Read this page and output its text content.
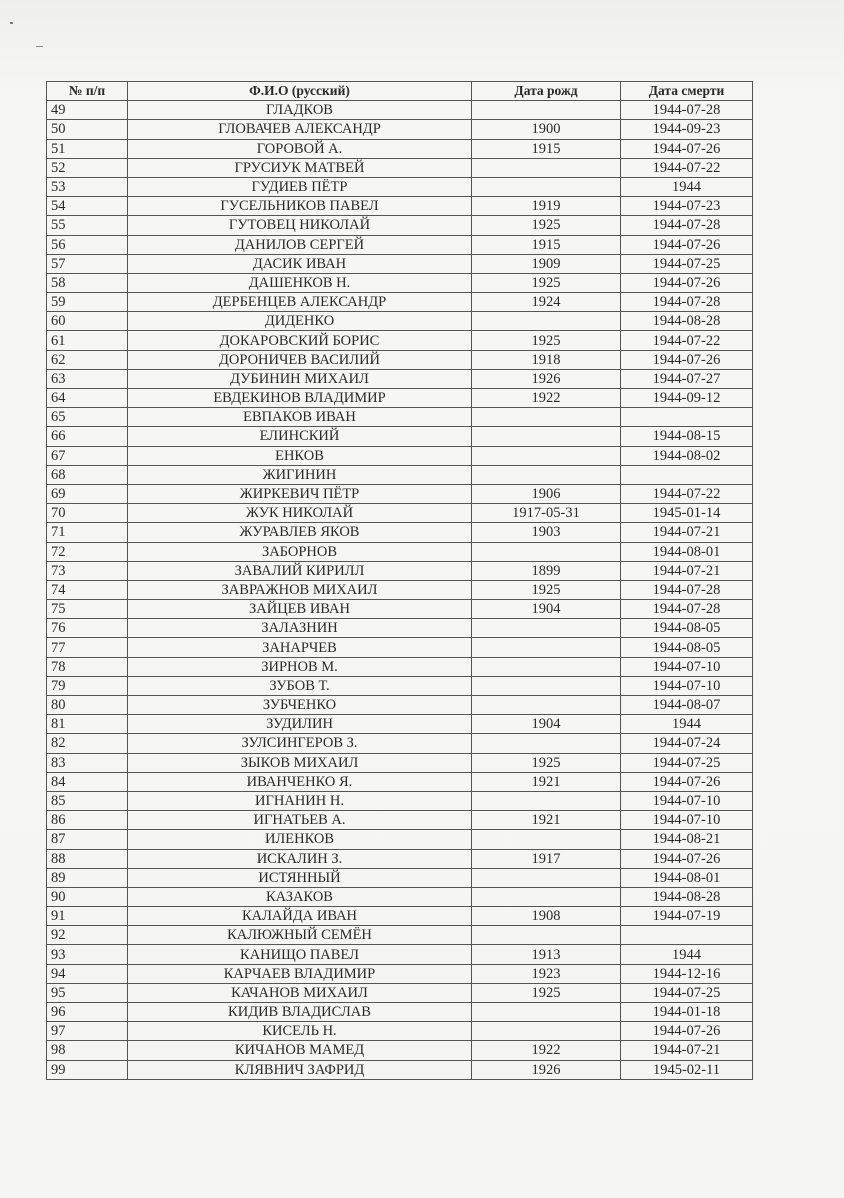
№ п/п	Ф.И.О (русский)	Дата рожд	Дата смерти
49	ГЛАДКОВ		1944-07-28
50	ГЛОВАЧЕВ АЛЕКСАНДР	1900	1944-09-23
51	ГОРОВОЙ А.	1915	1944-07-26
52	ГРУСИУК МАТВЕЙ		1944-07-22
53	ГУДИЕВ ПЁТР		1944
54	ГУСЕЛЬНИКОВ ПАВЕЛ	1919	1944-07-23
55	ГУТОВЕЦ НИКОЛАЙ	1925	1944-07-28
56	ДАНИЛОВ СЕРГЕЙ	1915	1944-07-26
57	ДАСИК ИВАН	1909	1944-07-25
58	ДАШЕНКОВ Н.	1925	1944-07-26
59	ДЕРБЕНЦЕВ АЛЕКСАНДР	1924	1944-07-28
60	ДИДЕНКО		1944-08-28
61	ДОКАРОВСКИЙ БОРИС	1925	1944-07-22
62	ДОРОНИЧЕВ ВАСИЛИЙ	1918	1944-07-26
63	ДУБИНИН МИХАИЛ	1926	1944-07-27
64	ЕВДЕКИНОВ ВЛАДИМИР	1922	1944-09-12
65	ЕВПАКОВ ИВАН		
66	ЕЛИНСКИЙ		1944-08-15
67	ЕНКОВ		1944-08-02
68	ЖИГИНИН		
69	ЖИРКЕВИЧ ПЁТР	1906	1944-07-22
70	ЖУК НИКОЛАЙ	1917-05-31	1945-01-14
71	ЖУРАВЛЕВ ЯКОВ	1903	1944-07-21
72	ЗАБОРНОВ		1944-08-01
73	ЗАВАЛИЙ КИРИЛЛ	1899	1944-07-21
74	ЗАВРАЖНОВ МИХАИЛ	1925	1944-07-28
75	ЗАЙЦЕВ ИВАН	1904	1944-07-28
76	ЗАЛАЗНИН		1944-08-05
77	ЗАНАРЧЕВ		1944-08-05
78	ЗИРНОВ М.		1944-07-10
79	ЗУБОВ Т.		1944-07-10
80	ЗУБЧЕНКО		1944-08-07
81	ЗУДИЛИН	1904	1944
82	ЗУЛСИНГЕРОВ З.		1944-07-24
83	ЗЫКОВ МИХАИЛ	1925	1944-07-25
84	ИВАНЧЕНКО Я.	1921	1944-07-26
85	ИГНАНИН Н.		1944-07-10
86	ИГНАТЬЕВ А.	1921	1944-07-10
87	ИЛЕНКОВ		1944-08-21
88	ИСКАЛИН З.	1917	1944-07-26
89	ИСТЯННЫЙ		1944-08-01
90	КАЗАКОВ		1944-08-28
91	КАЛАЙДА ИВАН	1908	1944-07-19
92	КАЛЮЖНЫЙ СЕМЁН		
93	КАНИЩО ПАВЕЛ	1913	1944
94	КАРЧАЕВ ВЛАДИМИР	1923	1944-12-16
95	КАЧАНОВ МИХАИЛ	1925	1944-07-25
96	КИДИВ ВЛАДИСЛАВ		1944-01-18
97	КИСЕЛЬ Н.		1944-07-26
98	КИЧАНОВ МАМЕД	1922	1944-07-21
99	КЛЯВНИЧ ЗАФРИД	1926	1945-02-11
